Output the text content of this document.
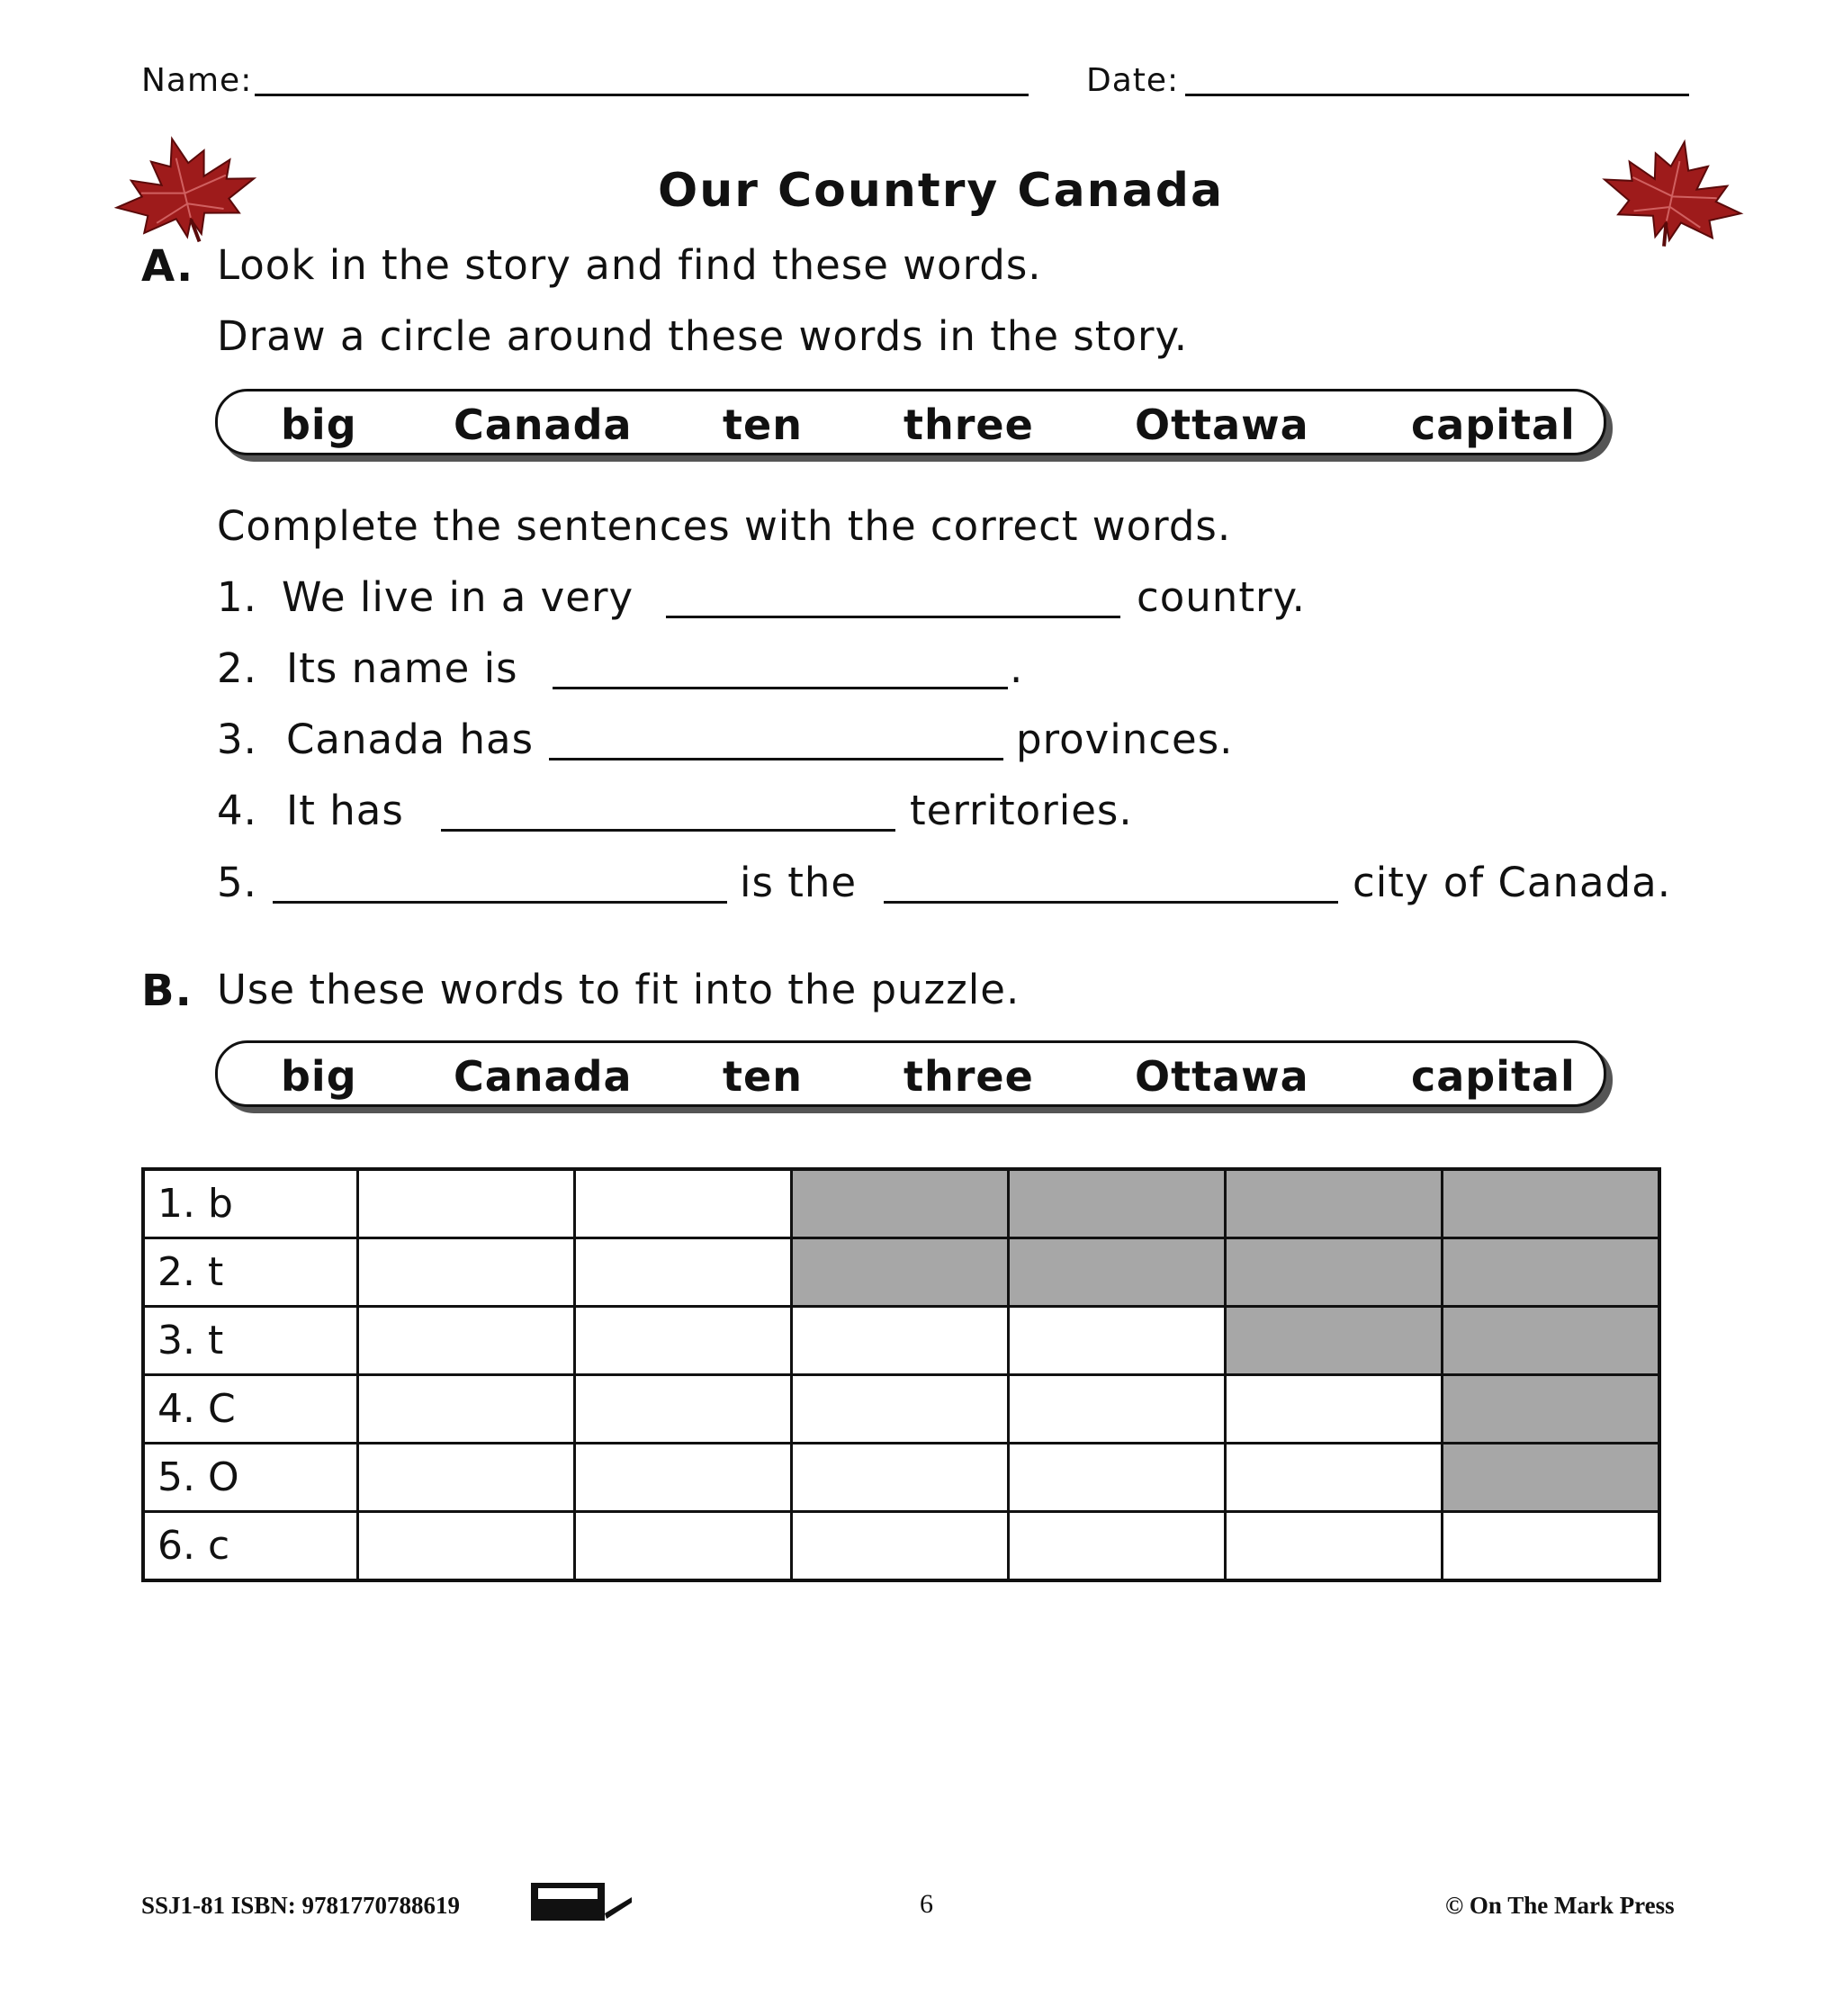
Name:	Date:
Our Country Canada
A. Look in the story and find these words.
Draw a circle around these words in the story.
big Canada ten three Ottawa capital
Complete the sentences with the correct words.
1. We live in a very	country.
2. Its name is	.
3. Canada has	provinces.
4. It has	territories.
5.	is the	city of Canada.
B. Use these words to fit into the puzzle.
big Canada ten three Ottawa capital
1. b						
2. t						
3. t						
4. C						
5. O						
6. c						
SSJ1-81 ISBN: 9781770788619	6	© On The Mark Press
